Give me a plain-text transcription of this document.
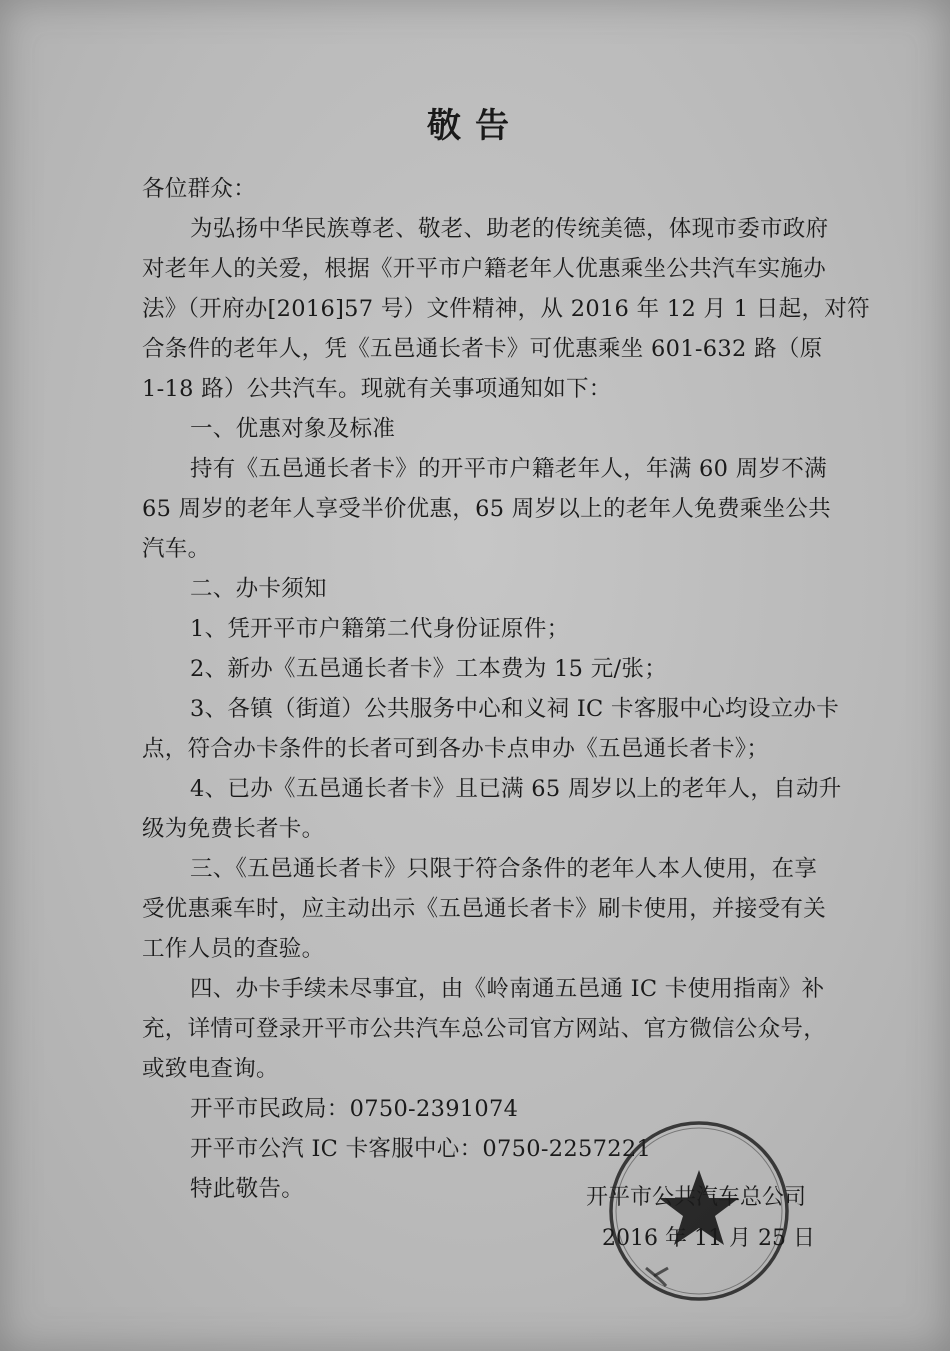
敬告
各位群众：
为弘扬中华民族尊老、敬老、助老的传统美德，体现市委市政府
对老年人的关爱，根据《开平市户籍老年人优惠乘坐公共汽车实施办
法》（开府办[2016]57 号）文件精神，从 2016 年 12 月 1 日起，对符
合条件的老年人，凭《五邑通长者卡》可优惠乘坐 601-632 路（原
1-18 路）公共汽车。现就有关事项通知如下：
一、优惠对象及标准
持有《五邑通长者卡》的开平市户籍老年人，年满 60 周岁不满
65 周岁的老年人享受半价优惠，65 周岁以上的老年人免费乘坐公共
汽车。
二、办卡须知
1、凭开平市户籍第二代身份证原件；
2、新办《五邑通长者卡》工本费为 15 元/张；
3、各镇（街道）公共服务中心和义祠 IC 卡客服中心均设立办卡
点，符合办卡条件的长者可到各办卡点申办《五邑通长者卡》；
4、已办《五邑通长者卡》且已满 65 周岁以上的老年人，自动升
级为免费长者卡。
三、《五邑通长者卡》只限于符合条件的老年人本人使用，在享
受优惠乘车时，应主动出示《五邑通长者卡》刷卡使用，并接受有关
工作人员的查验。
四、办卡手续未尽事宜，由《岭南通五邑通 IC 卡使用指南》补
充，详情可登录开平市公共汽车总公司官方网站、官方微信公众号，
或致电查询。
开平市民政局：0750-2391074
开平市公汽 IC 卡客服中心：0750-2257221
特此敬告。	开平市公共汽车总公司
2016 年 11 月 25 日
